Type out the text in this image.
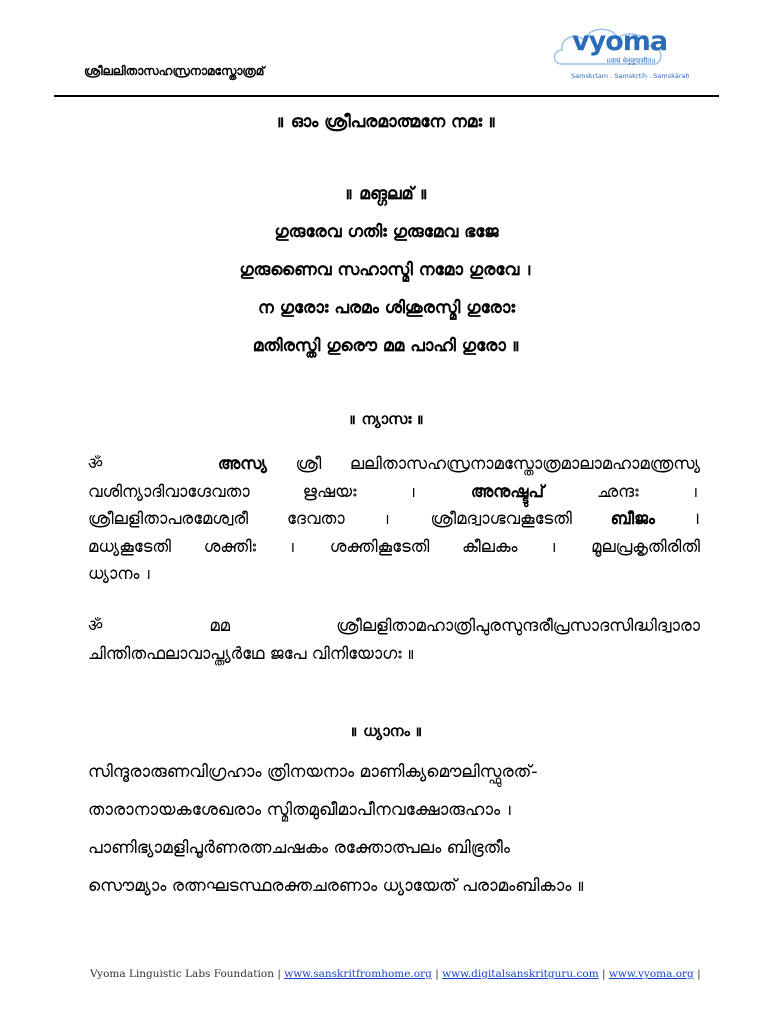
ശ്രീലലിതാസഹസ്രനാമസ്തോത്രമ്
vyoma
॥वाचं धेनुमुपासीत॥
Saṃskṛtam . Saṃskṛtiḥ . Saṃskāraḥ
॥ ഓം ശ്രീപരമാത്മനേ നമഃ ॥
॥ മങ്ഗലമ് ॥
ഗുരുരേവ ഗതിഃ ഗുരുമേവ ഭജേ
ഗുരുണൈവ സഹാസ്മി നമോ ഗുരവേ ।
ന ഗുരോഃ പരമം ശിശുരസ്മി ഗുരോഃ
മതിരസ്തി ഗുരൌ മമ പാഹി ഗുരോ ॥
॥ ന്യാസഃ ॥
ॐ	അസ്യ ശ്രീ ലലിതാസഹസ്രനാമസ്തോത്രമാലാമഹാമന്ത്രസ്യ
വശിന്യാദിവാഗ്ദേവതാ	ഋഷയഃ	।	അനുഷ്ടുപ്	ഛന്ദഃ	।
ശ്രീലളിതാപരമേശ്വരീ ദേവതാ । ശ്രീമദ്വാഗ്ഭവകൂടേതി ബീജം ।
മധ്യകൂടേതി ശക്തിഃ । ശക്തികൂടേതി കീലകം । മൂലപ്രകൃതിരിതി
ധ്യാനം ।
ॐ	മമ	ശ്രീലളിതാമഹാത്രിപുരസുന്ദരീപ്രസാദസിദ്ധിദ്വാരാ
ചിന്തിതഫലാവാപ്ത്യർഥേ ജപേ വിനിയോഗഃ ॥
॥ ധ്യാനം ॥
സിന്ദൂരാരുണവിഗ്രഹാം ത്രിനയനാം മാണിക്യമൌലിസ്ഫുരത്-
താരാനായകശേഖരാം സ്മിതമുഖീമാപീനവക്ഷോരുഹാം ।
പാണിഭ്യാമളിപൂർണരത്നചഷകം രക്തോത്പലം ബിഭ്രതീം
സൌമ്യാം രത്നഘടസ്ഥരക്തചരണാം ധ്യായേത് പരാമംബികാം ॥
Vyoma Linguistic Labs Foundation | www.sanskritfromhome.org | www.digitalsanskritguru.com | www.vyoma.org |
